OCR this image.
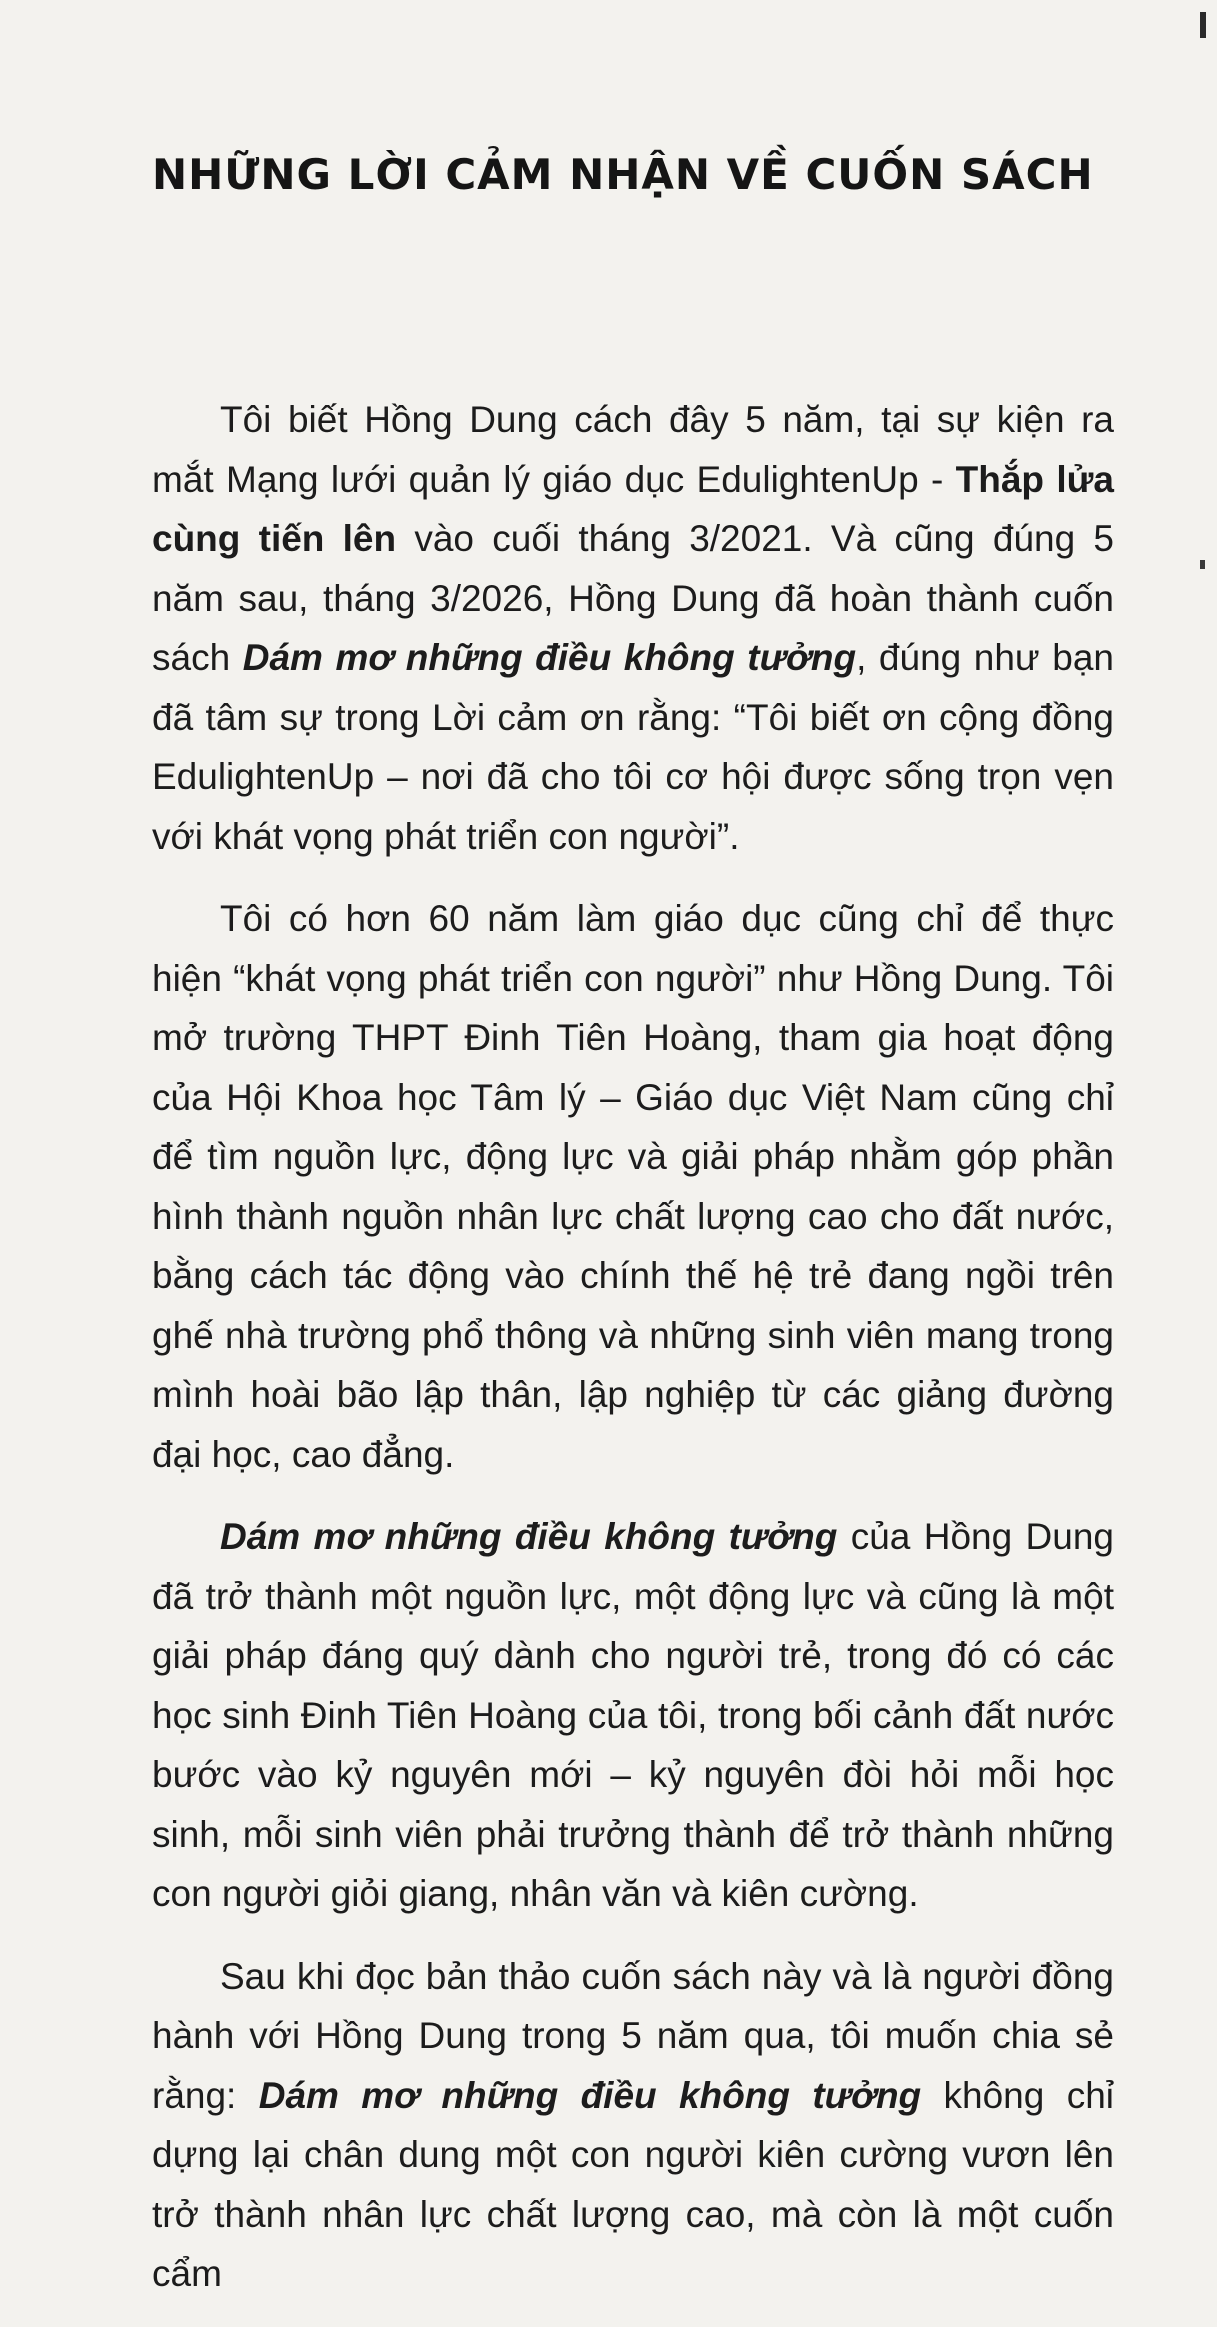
NHỮNG LỜI CẢM NHẬN VỀ CUỐN SÁCH

Tôi biết Hồng Dung cách đây 5 năm, tại sự kiện ra mắt Mạng lưới quản lý giáo dục EdulightenUp - Thắp lửa cùng tiến lên vào cuối tháng 3/2021. Và cũng đúng 5 năm sau, tháng 3/2026, Hồng Dung đã hoàn thành cuốn sách Dám mơ những điều không tưởng, đúng như bạn đã tâm sự trong Lời cảm ơn rằng: “Tôi biết ơn cộng đồng EdulightenUp – nơi đã cho tôi cơ hội được sống trọn vẹn với khát vọng phát triển con người”.

Tôi có hơn 60 năm làm giáo dục cũng chỉ để thực hiện “khát vọng phát triển con người” như Hồng Dung. Tôi mở trường THPT Đinh Tiên Hoàng, tham gia hoạt động của Hội Khoa học Tâm lý – Giáo dục Việt Nam cũng chỉ để tìm nguồn lực, động lực và giải pháp nhằm góp phần hình thành nguồn nhân lực chất lượng cao cho đất nước, bằng cách tác động vào chính thế hệ trẻ đang ngồi trên ghế nhà trường phổ thông và những sinh viên mang trong mình hoài bão lập thân, lập nghiệp từ các giảng đường đại học, cao đẳng.

Dám mơ những điều không tưởng của Hồng Dung đã trở thành một nguồn lực, một động lực và cũng là một giải pháp đáng quý dành cho người trẻ, trong đó có các học sinh Đinh Tiên Hoàng của tôi, trong bối cảnh đất nước bước vào kỷ nguyên mới – kỷ nguyên đòi hỏi mỗi học sinh, mỗi sinh viên phải trưởng thành để trở thành những con người giỏi giang, nhân văn và kiên cường.

Sau khi đọc bản thảo cuốn sách này và là người đồng hành với Hồng Dung trong 5 năm qua, tôi muốn chia sẻ rằng: Dám mơ những điều không tưởng không chỉ dựng lại chân dung một con người kiên cường vươn lên trở thành nhân lực chất lượng cao, mà còn là một cuốn cẩm
